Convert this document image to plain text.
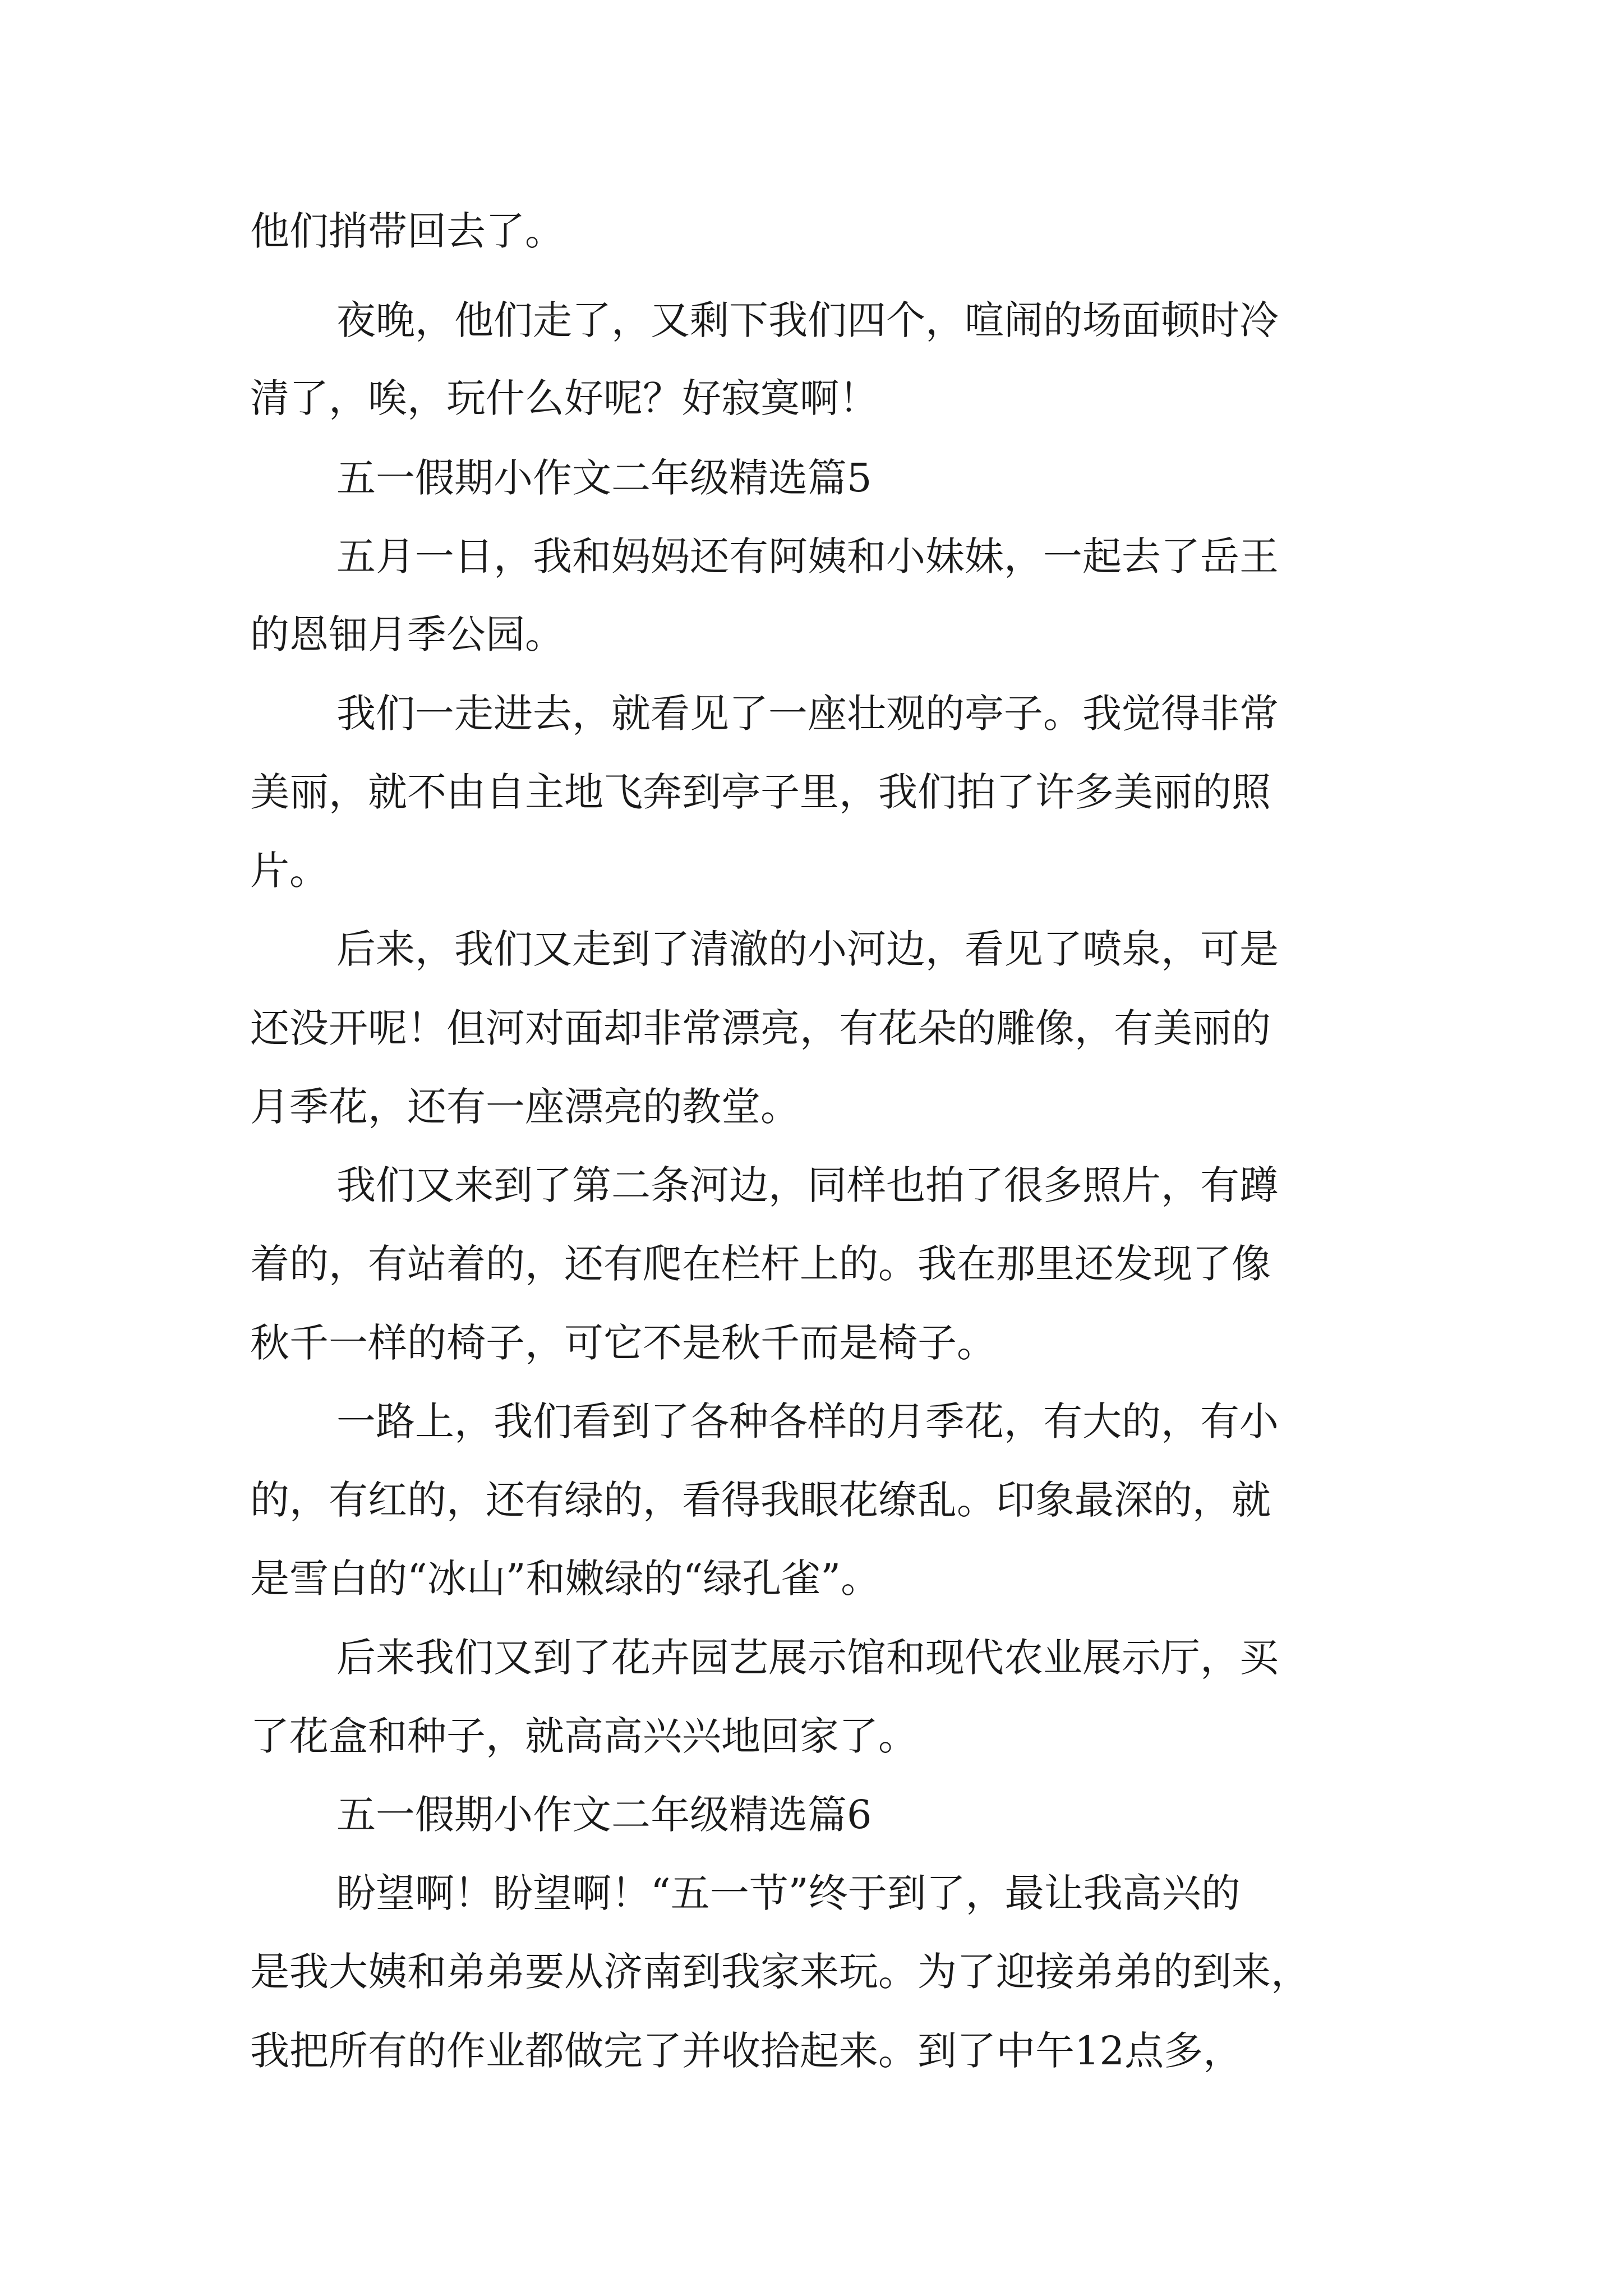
他们捎带回去了。
夜晚，他们走了，又剩下我们四个，喧闹的场面顿时冷
清了，唉，玩什么好呢？好寂寞啊！
五一假期小作文二年级精选篇5
五月一日，我和妈妈还有阿姨和小妹妹，一起去了岳王
的恩钿月季公园。
我们一走进去，就看见了一座壮观的亭子。我觉得非常
美丽，就不由自主地飞奔到亭子里，我们拍了许多美丽的照
片。
后来，我们又走到了清澈的小河边，看见了喷泉，可是
还没开呢！但河对面却非常漂亮，有花朵的雕像，有美丽的
月季花，还有一座漂亮的教堂。
我们又来到了第二条河边，同样也拍了很多照片，有蹲
着的，有站着的，还有爬在栏杆上的。我在那里还发现了像
秋千一样的椅子，可它不是秋千而是椅子。
一路上，我们看到了各种各样的月季花，有大的，有小
的，有红的，还有绿的，看得我眼花缭乱。印象最深的，就
是雪白的“冰山”和嫩绿的“绿孔雀”。
后来我们又到了花卉园艺展示馆和现代农业展示厅，买
了花盒和种子，就高高兴兴地回家了。
五一假期小作文二年级精选篇6
盼望啊！盼望啊！“五一节”终于到了，最让我高兴的
是我大姨和弟弟要从济南到我家来玩。为了迎接弟弟的到来，
我把所有的作业都做完了并收拾起来。到了中午12点多，
